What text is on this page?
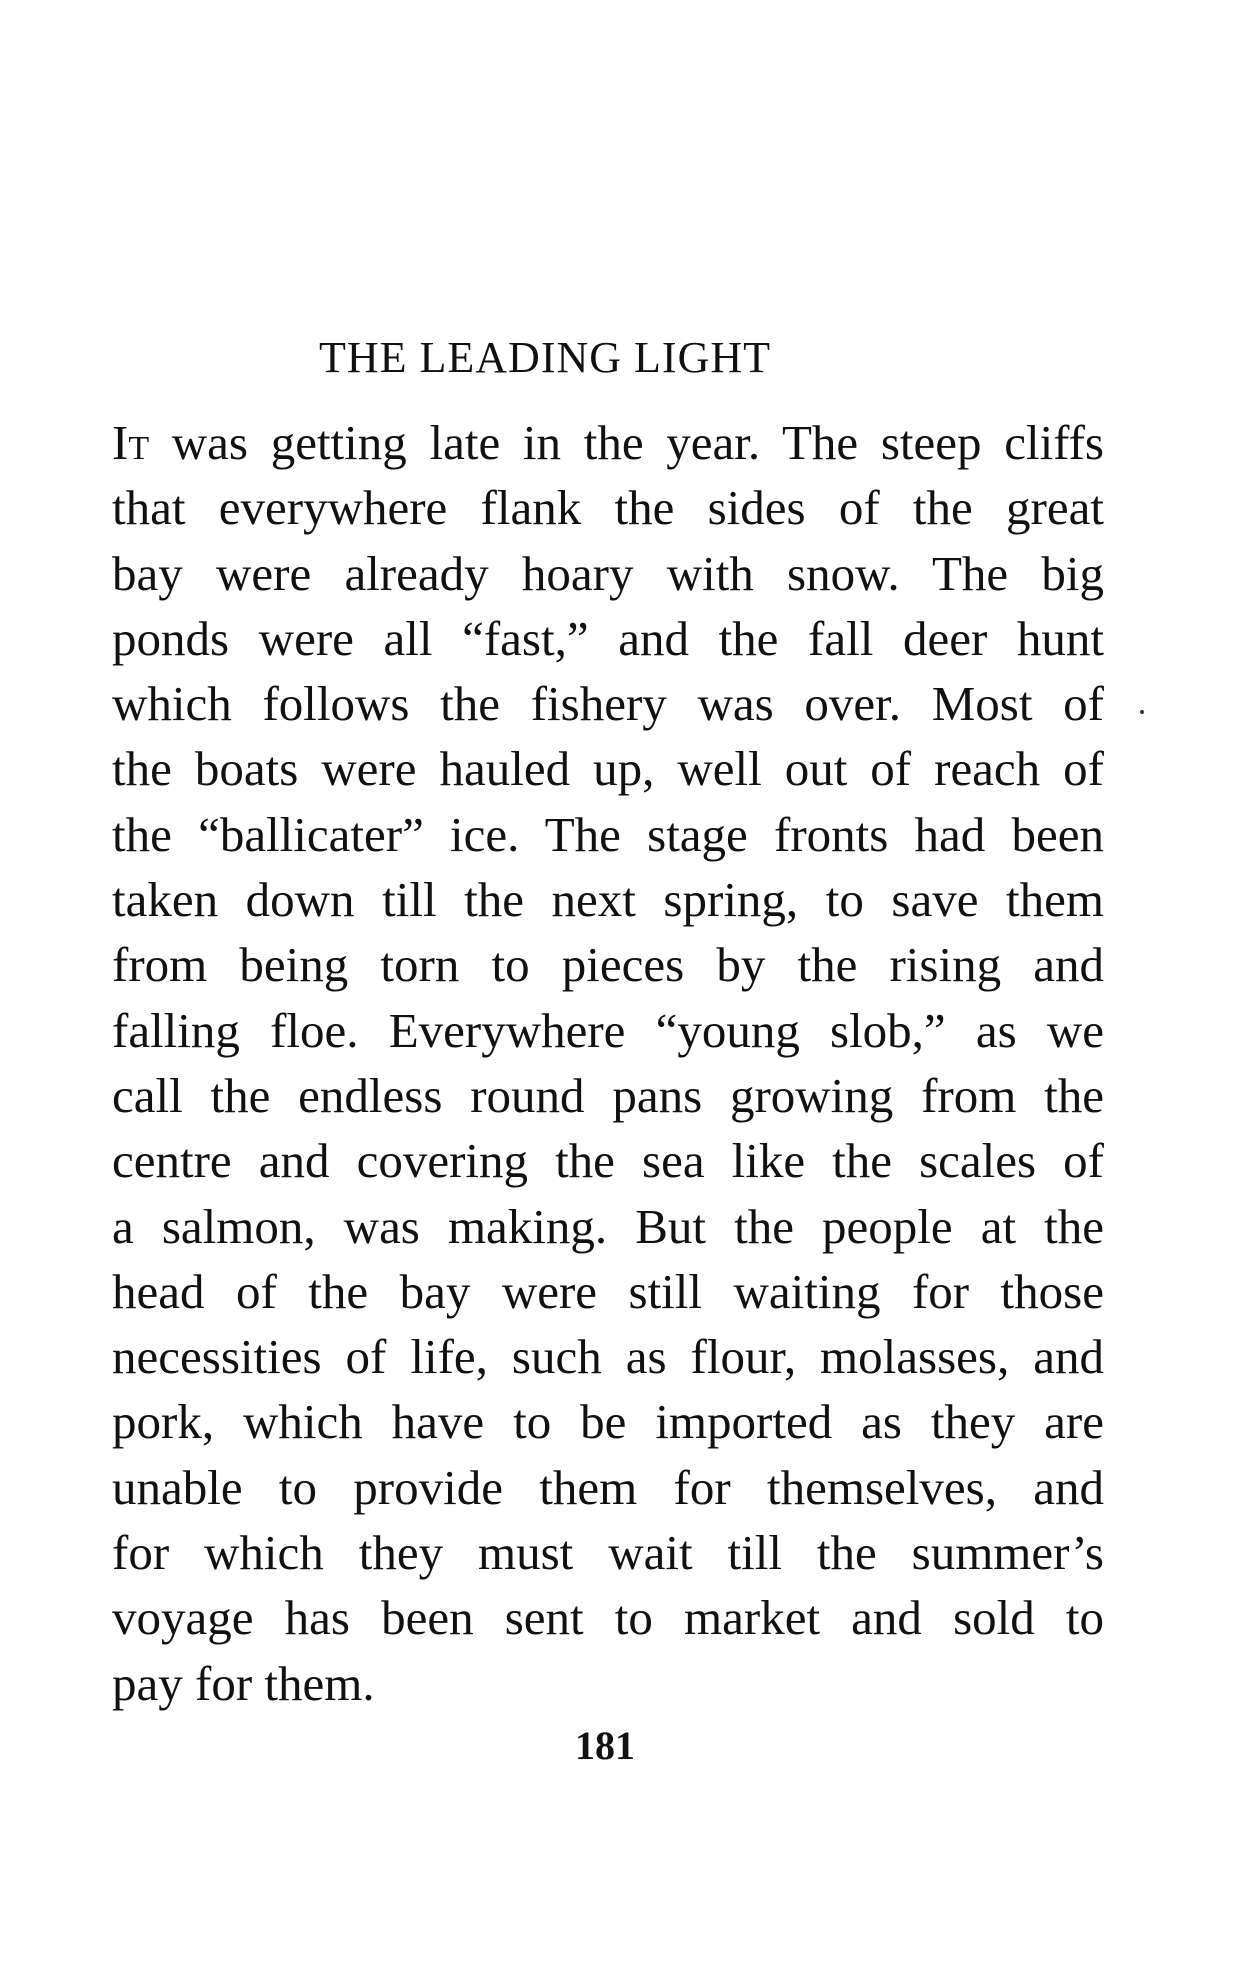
THE LEADING LIGHT

It was getting late in the year. The steep cliffs
that everywhere flank the sides of the great
bay were already hoary with snow. The big
ponds were all “fast,” and the fall deer hunt
which follows the fishery was over. Most of
the boats were hauled up, well out of reach of
the “ballicater” ice. The stage fronts had been
taken down till the next spring, to save them
from being torn to pieces by the rising and
falling floe. Everywhere “young slob,” as we
call the endless round pans growing from the
centre and covering the sea like the scales of
a salmon, was making. But the people at the
head of the bay were still waiting for those
necessities of life, such as flour, molasses, and
pork, which have to be imported as they are
unable to provide them for themselves, and
for which they must wait till the summer’s
voyage has been sent to market and sold to
pay for them.

181
